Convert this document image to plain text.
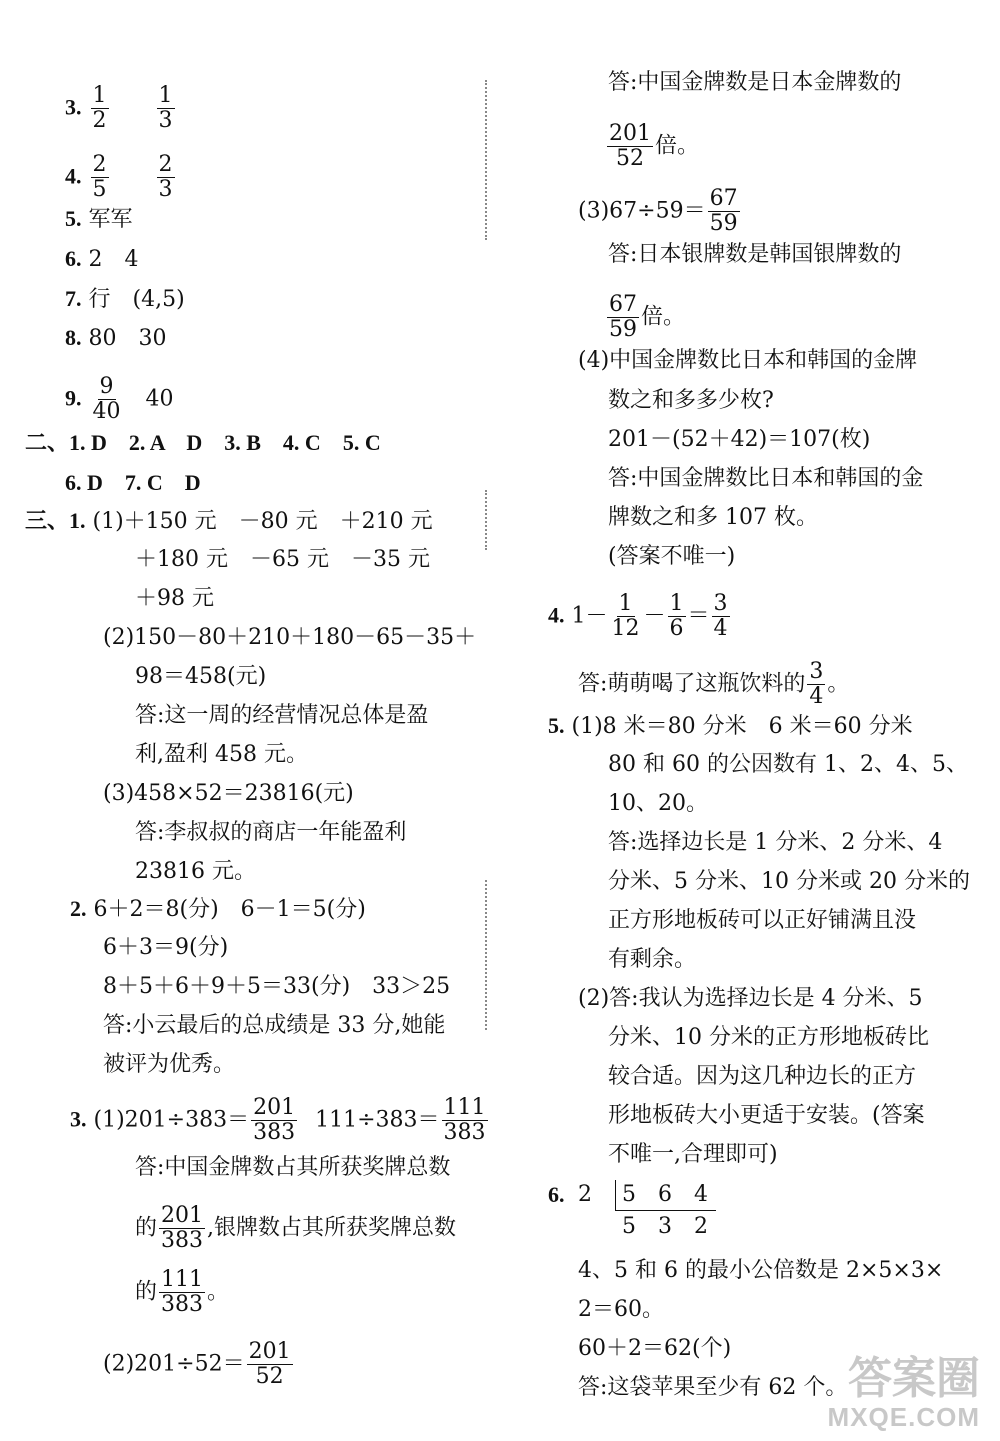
3. $\frac{1}{2}$
$\frac{1}{3}$
4. $\frac{2}{5}$
$\frac{2}{3}$
5. 军军
6. 2　4
7. 行　(4,5)
8. 80　30
9. $\frac{9}{40} 40$
二、1. D　2. A　D　3. B　4. C　5. C
6. D　7. C　D
三、1. (1)＋150 元　－80 元　＋210 元
＋180 元　－65 元　－35 元
＋98 元
(2)150－80＋210＋180－65－35＋
98＝458(元)
答:这一周的经营情况总体是盈
利,盈利 458 元。
(3)458×52＝23816(元)
答:李叔叔的商店一年能盈利
23816 元。
2. 6＋2＝8(分)　6－1＝5(分)
6＋3＝9(分)
8＋5＋6＋9＋5＝33(分)　33＞25
答:小云最后的总成绩是 33 分,她能
被评为优秀。
3. $(1)201\div 383= \frac{201}{383} 111\div 383= \frac{111}{383}$
答:中国金牌数占其所获奖牌总数
的 $\frac{201}{383}$ ,银牌数占其所获奖牌总数
的 $\frac{111}{383}$ 。
$(2)201\div 52= \frac{201}{52}$
答:中国金牌数是日本金牌数的
$\frac{201}{52}$ 倍。
$(3)67\div 59= \frac{67}{59}$
答:日本银牌数是韩国银牌数的
$\frac{67}{59}$ 倍。
(4)中国金牌数比日本和韩国的金牌
数之和多多少枚?
201－(52＋42)＝107(枚)
答:中国金牌数比日本和韩国的金
牌数之和多 107 枚。
(答案不唯一)
4. $1- \frac{1}{12} - \frac{1}{6} = \frac{3}{4}$
答:萌萌喝了这瓶饮料的 $\frac{3}{4}$ 。
5. (1)8 米＝80 分米　6 米＝60 分米
80 和 60 的公因数有 1、2、4、5、
10、20。
答:选择边长是 1 分米、2 分米、4
分米、5 分米、10 分米或 20 分米的
正方形地板砖可以正好铺满且没
有剩余。
(2)答:我认为选择边长是 4 分米、5
分米、10 分米的正方形地板砖比
较合适。因为这几种边长的正方
形地板砖大小更适于安装。(答案
不唯一,合理即可)
6. 2	5　6　4
5　3　2
4、5 和 6 的最小公倍数是 2×5×3×
2＝60。
60＋2＝62(个)
答:这袋苹果至少有 62 个。 答案圈
MXQE.COM
